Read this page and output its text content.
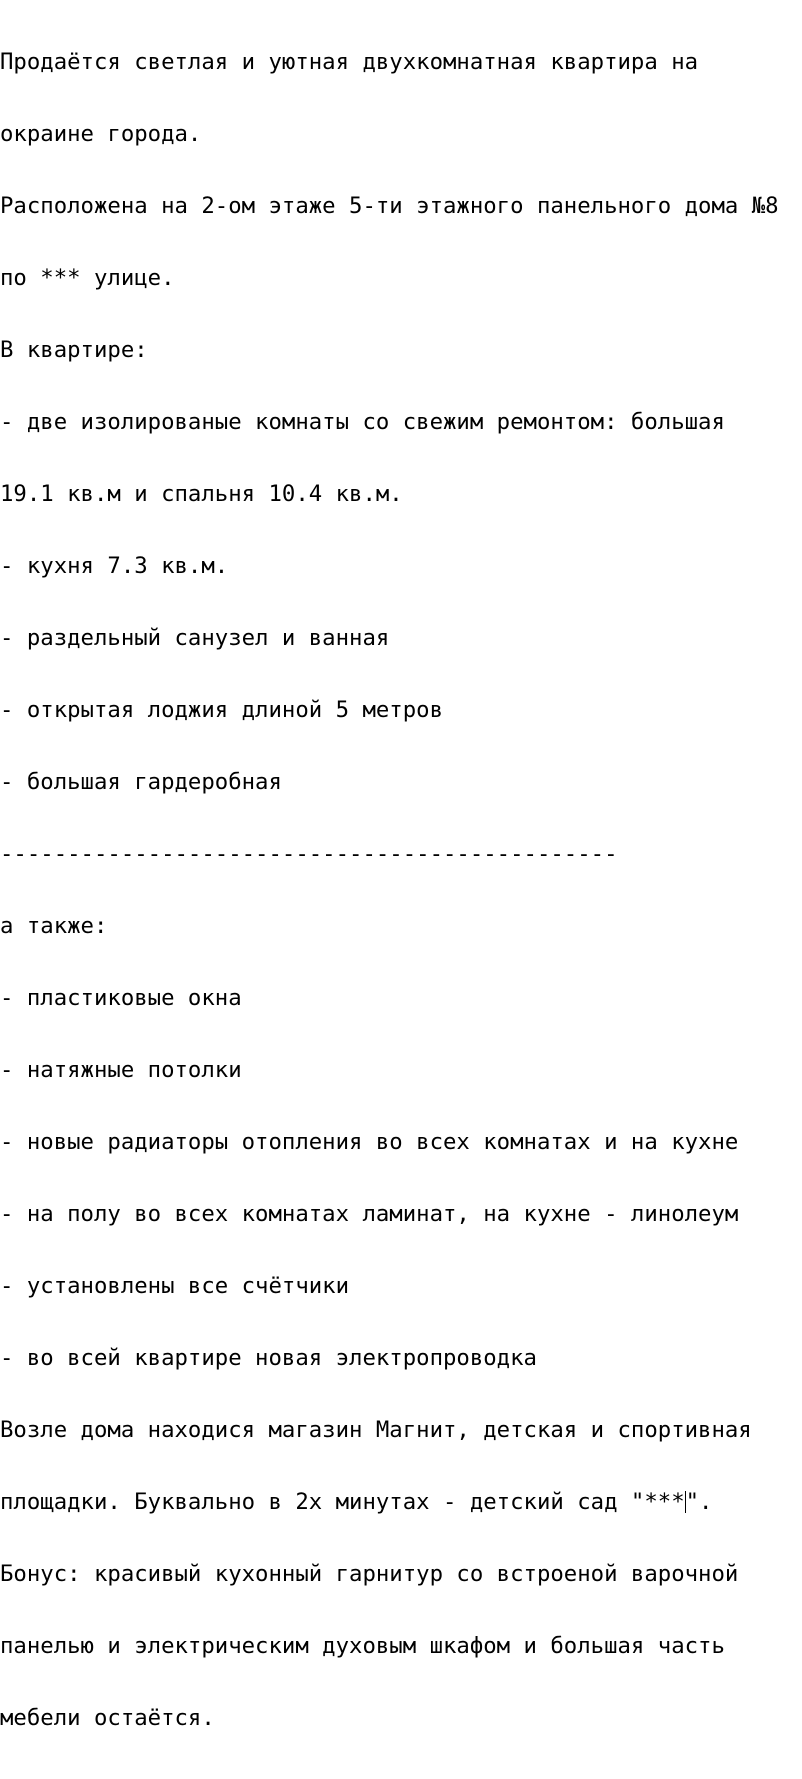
Продаётся светлая и уютная двухкомнатная квартира на

окраине города.

Расположена на 2-ом этаже 5-ти этажного панельного дома №8

по *** улице.

В квартире:

- две изолированые комнаты со свежим ремонтом: большая

19.1 кв.м и спальня 10.4 кв.м.

- кухня 7.3 кв.м.

- раздельный санузел и ванная

- открытая лоджия длиной 5 метров

- большая гардеробная

----------------------------------------------

а также:

- пластиковые окна

- натяжные потолки

- новые радиаторы отопления во всех комнатах и на кухне

- на полу во всех комнатах ламинат, на кухне - линолеум

- установлены все счётчики

- во всей квартире новая электропроводка

Возле дома находися магазин Магнит, детская и спортивная

площадки. Буквально в 2х минутах - детский сад "***".

Бонус: красивый кухонный гарнитур со встроеной варочной

панелью и электрическим духовым шкафом и большая часть

мебели остаётся.
